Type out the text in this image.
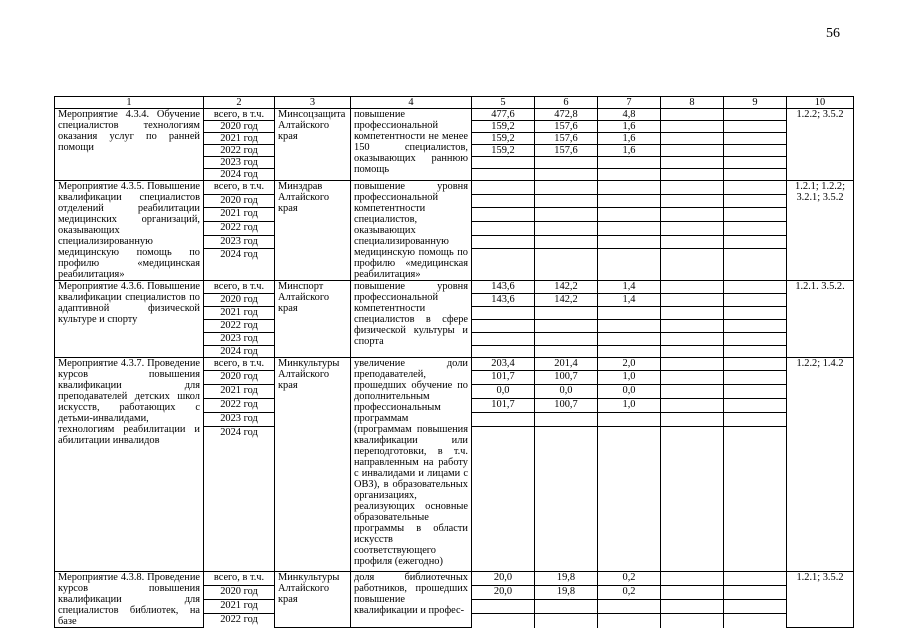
56
1	2	3	4	5	6	7	8	9	10
Мероприятие 4.3.4. Обучение специалистов технологиям оказания услуг по ранней помощи	всего, в т.ч.	Минсоцзащита Алтайского края	повышение профессиональной компетентности не менее 150 специалистов, оказывающих раннюю помощь	477,6	472,8	4,8			1.2.2; 3.5.2
	2020 год			159,2	157,6	1,6			
	2021 год			159,2	157,6	1,6			
	2022 год			159,2	157,6	1,6			
	2023 год								
	2024 год								
Мероприятие 4.3.5. Повышение квалификации специалистов отделений реабилитации медицинских организаций, оказывающих специализированную медицинскую помощь по профилю «медицинская реабилитация»	всего, в т.ч.	Минздрав Алтайского края	повышение уровня профессиональной компетентности специалистов, оказывающих специализированную медицинскую помощь по профилю «медицинская реабилитация»						1.2.1; 1.2.2; 3.2.1; 3.5.2
	2020 год								
	2021 год								
	2022 год								
	2023 год								
	2024 год								
Мероприятие 4.3.6. Повышение квалификации специалистов по адаптивной физической культуре и спорту	всего, в т.ч.	Минспорт Алтайского края	повышение уровня профессиональной компетентности специалистов в сфере физической культуры и спорта	143,6	142,2	1,4			1.2.1. 3.5.2.
	2020 год			143,6	142,2	1,4			
	2021 год								
	2022 год								
	2023 год								
	2024 год								
Мероприятие 4.3.7. Проведение курсов повышения квалификации для преподавателей детских школ искусств, работающих с детьми-инвалидами, технологиям реабилитации и абилитации инвалидов	всего, в т.ч.	Минкультуры Алтайского края	увеличение доли преподавателей, прошедших обучение по дополнительным профессиональным программам (программам повышения квалификации или переподготовки, в т.ч. направленным на работу с инвалидами и лицами с ОВЗ), в образовательных организациях, реализующих основные образовательные программы в области искусств соответствующего профиля (ежегодно)	203,4	201,4	2,0			1.2.2; 1.4.2
	2020 год			101,7	100,7	1,0			
	2021 год			0,0	0,0	0,0			
	2022 год			101,7	100,7	1,0			
	2023 год								
	2024 год								
Мероприятие 4.3.8. Проведение курсов повышения квалификации для специалистов библиотек, на базе	всего, в т.ч.	Минкультуры Алтайского края	доля библиотечных работников, прошедших повышение квалификации и профес-	20,0	19,8	0,2			1.2.1; 3.5.2
	2020 год			20,0	19,8	0,2			
	2021 год								
	2022 год								
